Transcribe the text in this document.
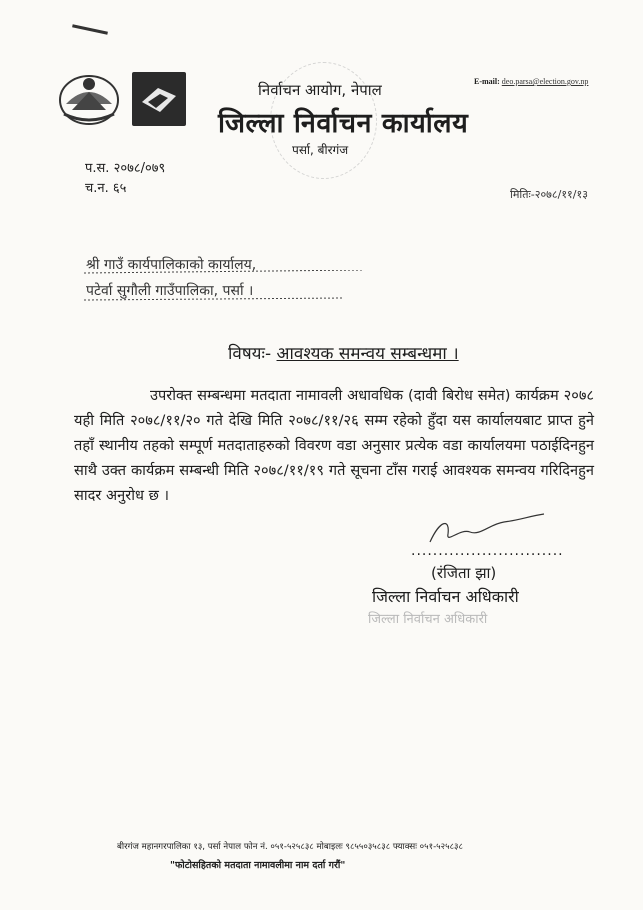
निर्वाचन आयोग, नेपाल
जिल्ला निर्वाचन कार्यालय
पर्सा, बीरगंज
E-mail: deo.parsa@election.gov.np
प.स. २०७८/०७९
च.न. ६५	मितिः-२०७८/११/१३
श्री गाउँ कार्यपालिकाको कार्यालय,
पटेर्वा सुगौली गाउँपालिका, पर्सा ।
विषयः- आवश्यक समन्वय सम्बन्धमा ।
उपरोक्त सम्बन्धमा मतदाता नामावली अधावधिक (दावी बिरोध समेत) कार्यक्रम २०७८ यही मिति २०७८/११/२० गते देखि मिति २०७८/११/२६ सम्म रहेको हुँदा यस कार्यालयबाट प्राप्त हुने तहाँ स्थानीय तहको सम्पूर्ण मतदाताहरुको विवरण वडा अनुसार प्रत्येक वडा कार्यालयमा पठाईदिनहुन साथै उक्त कार्यक्रम सम्बन्धी मिति २०७८/११/१९ गते सूचना टाँस गराई आवश्यक समन्वय गरिदिनहुन सादर अनुरोध छ ।
............................
(रंजिता झा)
जिल्ला निर्वाचन अधिकारी
जिल्ला निर्वाचन अधिकारी
बीरगंज महानगरपालिका १३, पर्सा नेपाल फोन नं. ०५१-५२५८३८ मोबाइलः ९८५५०३५८३८ फ्याक्सः ०५१-५२५८३८
"फोटोसहितको मतदाता नामावलीमा नाम दर्ता गरौं"
